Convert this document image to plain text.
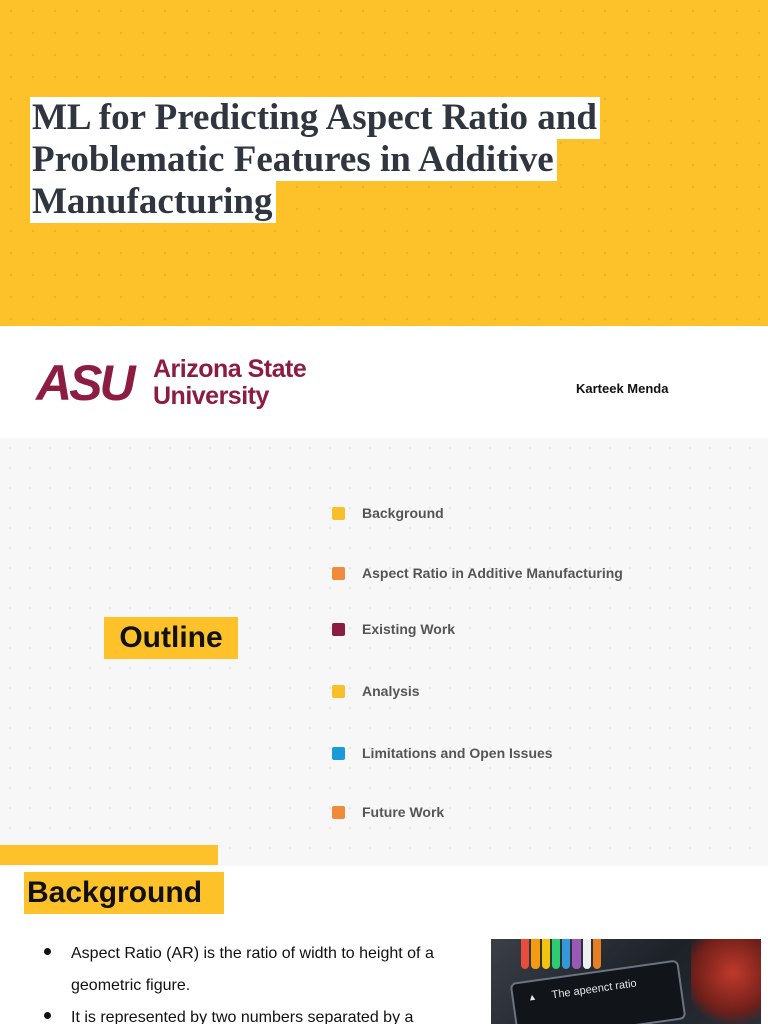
ML for Predicting Aspect Ratio and
Problematic Features in Additive
Manufacturing
ASU Arizona State
University	Karteek Menda
Outline
Background
Aspect Ratio in Additive Manufacturing
Existing Work
Analysis
Limitations and Open Issues
Future Work
Background
Aspect Ratio (AR) is the ratio of width to height of a geometric figure.
It is represented by two numbers separated by a
▲ The apeenct ratio
